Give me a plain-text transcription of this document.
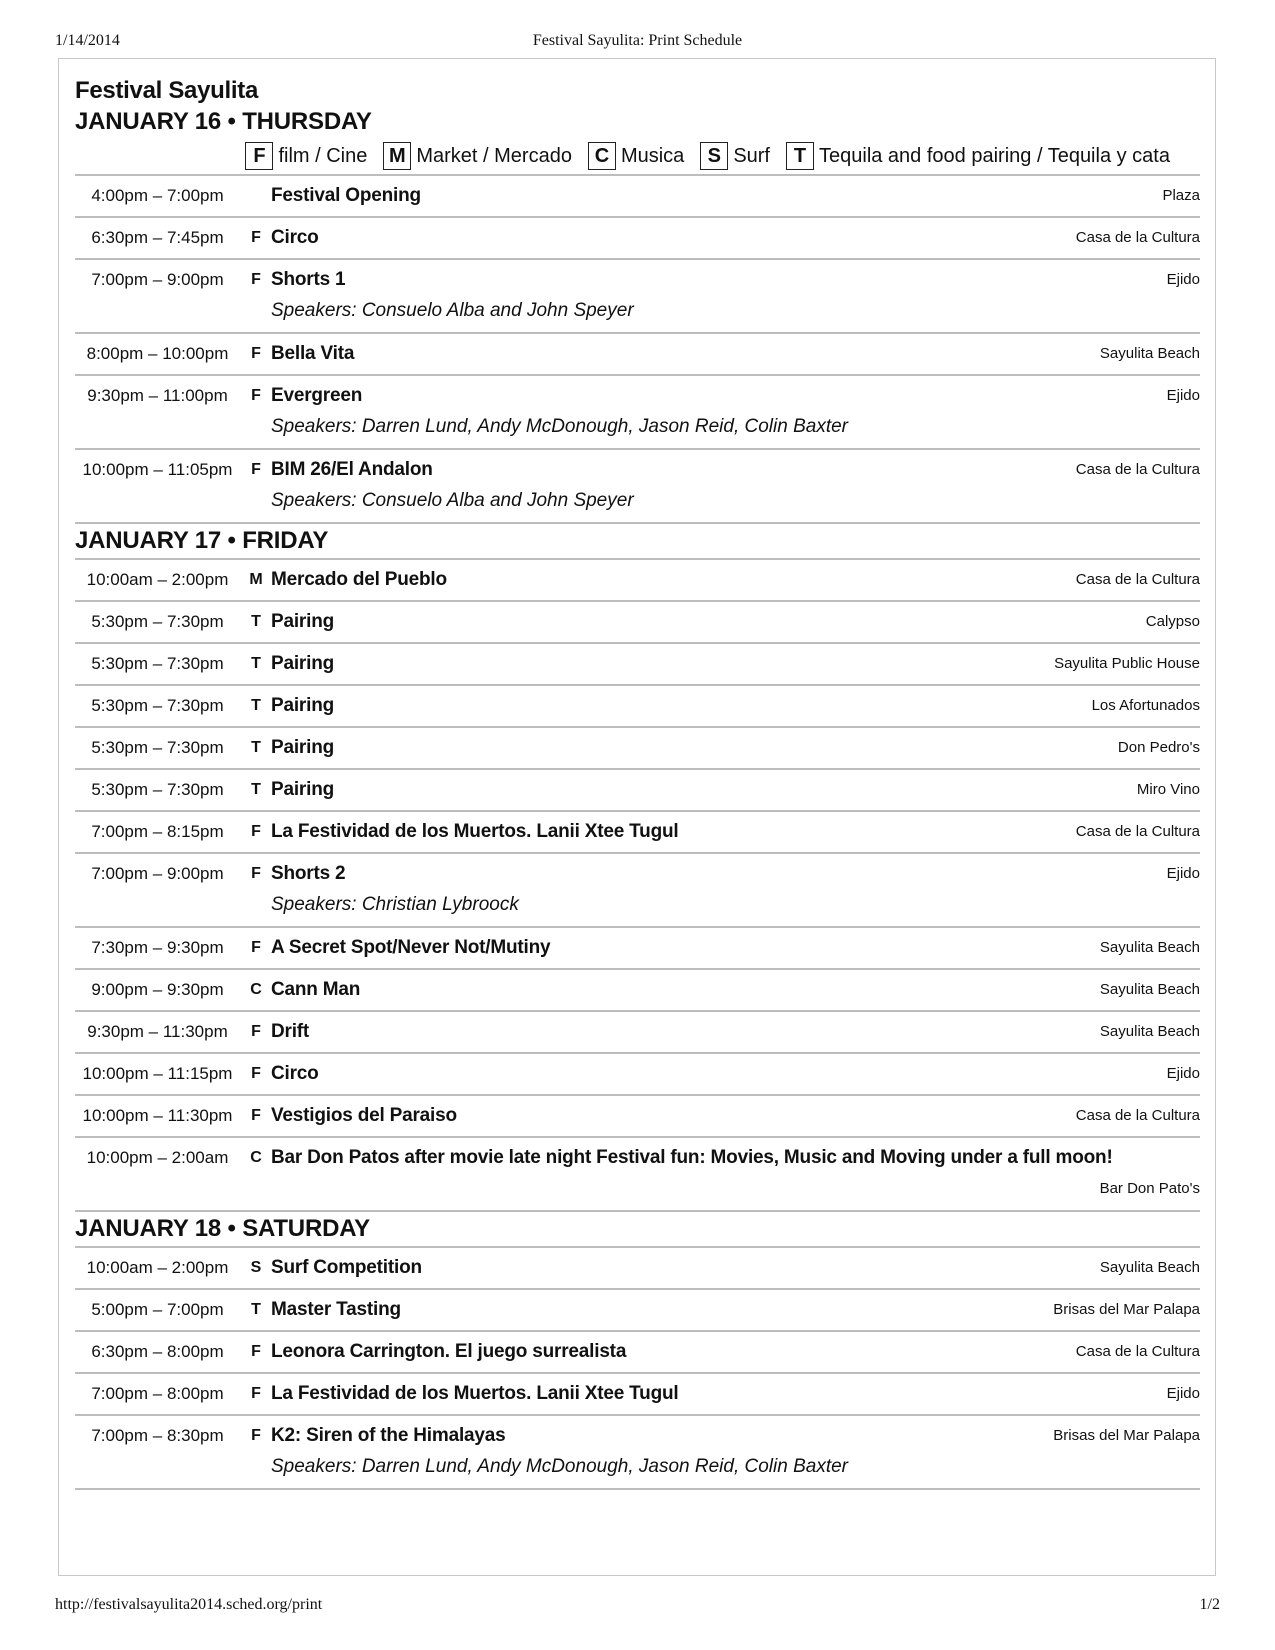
1/14/2014	Festival Sayulita: Print Schedule
Festival Sayulita
JANUARY 16 • THURSDAY
F film / Cine M Market / Mercado	C Musica	S Surf	T Tequila and food pairing / Tequila y cata
4:00pm – 7:00pm	Festival Opening	Plaza
6:30pm – 7:45pm	F Circo	Casa de la Cultura
7:00pm – 9:00pm	F Shorts 1	Ejido
Speakers: Consuelo Alba and John Speyer
8:00pm – 10:00pm	F Bella Vita	Sayulita Beach
9:30pm – 11:00pm	F Evergreen	Ejido
Speakers: Darren Lund, Andy McDonough, Jason Reid, Colin Baxter
10:00pm – 11:05pm	F BIM 26/El Andalon	Casa de la Cultura
Speakers: Consuelo Alba and John Speyer
JANUARY 17 • FRIDAY
10:00am – 2:00pm	M Mercado del Pueblo	Casa de la Cultura
5:30pm – 7:30pm	T Pairing	Calypso
5:30pm – 7:30pm	T Pairing	Sayulita Public House
5:30pm – 7:30pm	T Pairing	Los Afortunados
5:30pm – 7:30pm	T Pairing	Don Pedro's
5:30pm – 7:30pm	T Pairing	Miro Vino
7:00pm – 8:15pm	F La Festividad de los Muertos. Lanii Xtee Tugul	Casa de la Cultura
7:00pm – 9:00pm	F Shorts 2	Ejido
Speakers: Christian Lybroock
7:30pm – 9:30pm	F A Secret Spot/Never Not/Mutiny	Sayulita Beach
9:00pm – 9:30pm	C Cann Man	Sayulita Beach
9:30pm – 11:30pm	F Drift	Sayulita Beach
10:00pm – 11:15pm	F Circo	Ejido
10:00pm – 11:30pm	F Vestigios del Paraiso	Casa de la Cultura
10:00pm – 2:00am	C Bar Don Patos after movie late night Festival fun: Movies, Music and Moving under a full moon!
Bar Don Pato's
JANUARY 18 • SATURDAY
10:00am – 2:00pm	S Surf Competition	Sayulita Beach
5:00pm – 7:00pm	T Master Tasting	Brisas del Mar Palapa
6:30pm – 8:00pm	F Leonora Carrington. El juego surrealista	Casa de la Cultura
7:00pm – 8:00pm	F La Festividad de los Muertos. Lanii Xtee Tugul	Ejido
7:00pm – 8:30pm	F K2: Siren of the Himalayas	Brisas del Mar Palapa
Speakers: Darren Lund, Andy McDonough, Jason Reid, Colin Baxter
http://festivalsayulita2014.sched.org/print	1/2
